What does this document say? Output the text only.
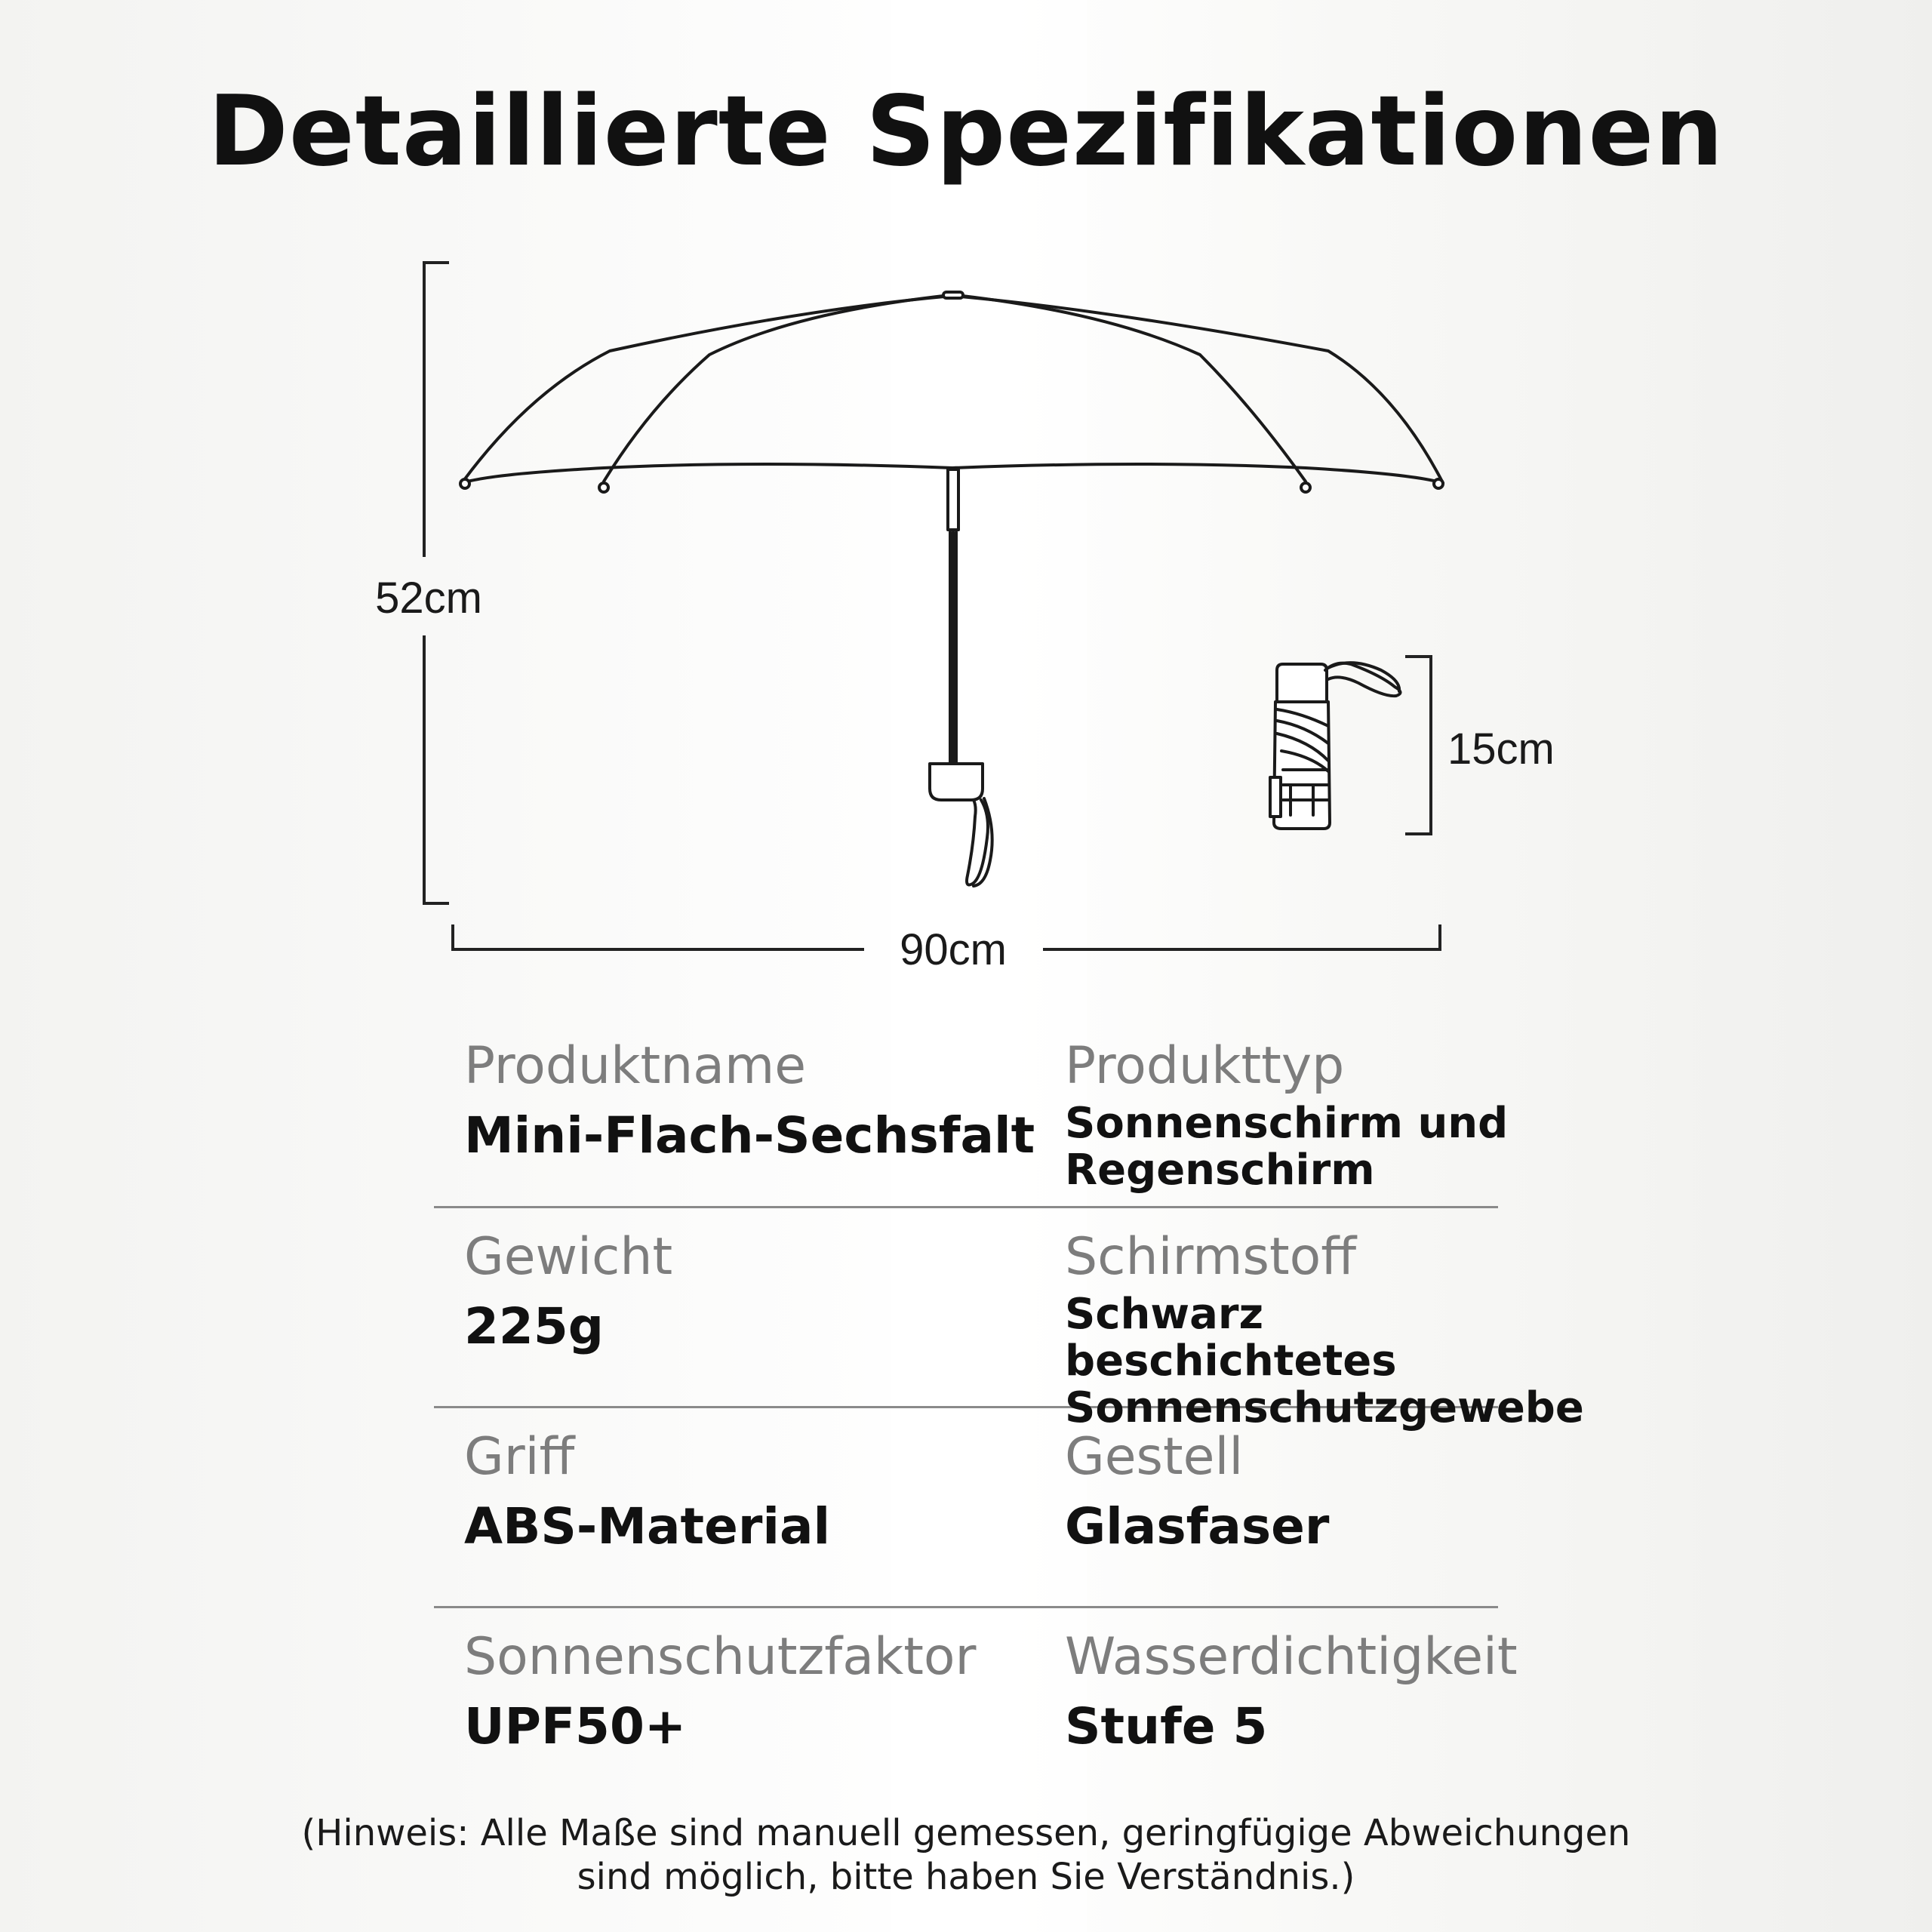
Detaillierte Spezifikationen
52cm
90cm
15cm
Produktname
Mini-Flach-Sechsfalt
Produkttyp
Sonnenschirm und Regenschirm
Gewicht
225g
Schirmstoff
Schwarz beschichtetes Sonnenschutzgewebe
Griff
ABS-Material
Gestell
Glasfaser
Sonnenschutzfaktor
UPF50+
Wasserdichtigkeit
Stufe 5
(Hinweis: Alle Maße sind manuell gemessen, geringfügige Abweichungen
sind möglich, bitte haben Sie Verständnis.)
